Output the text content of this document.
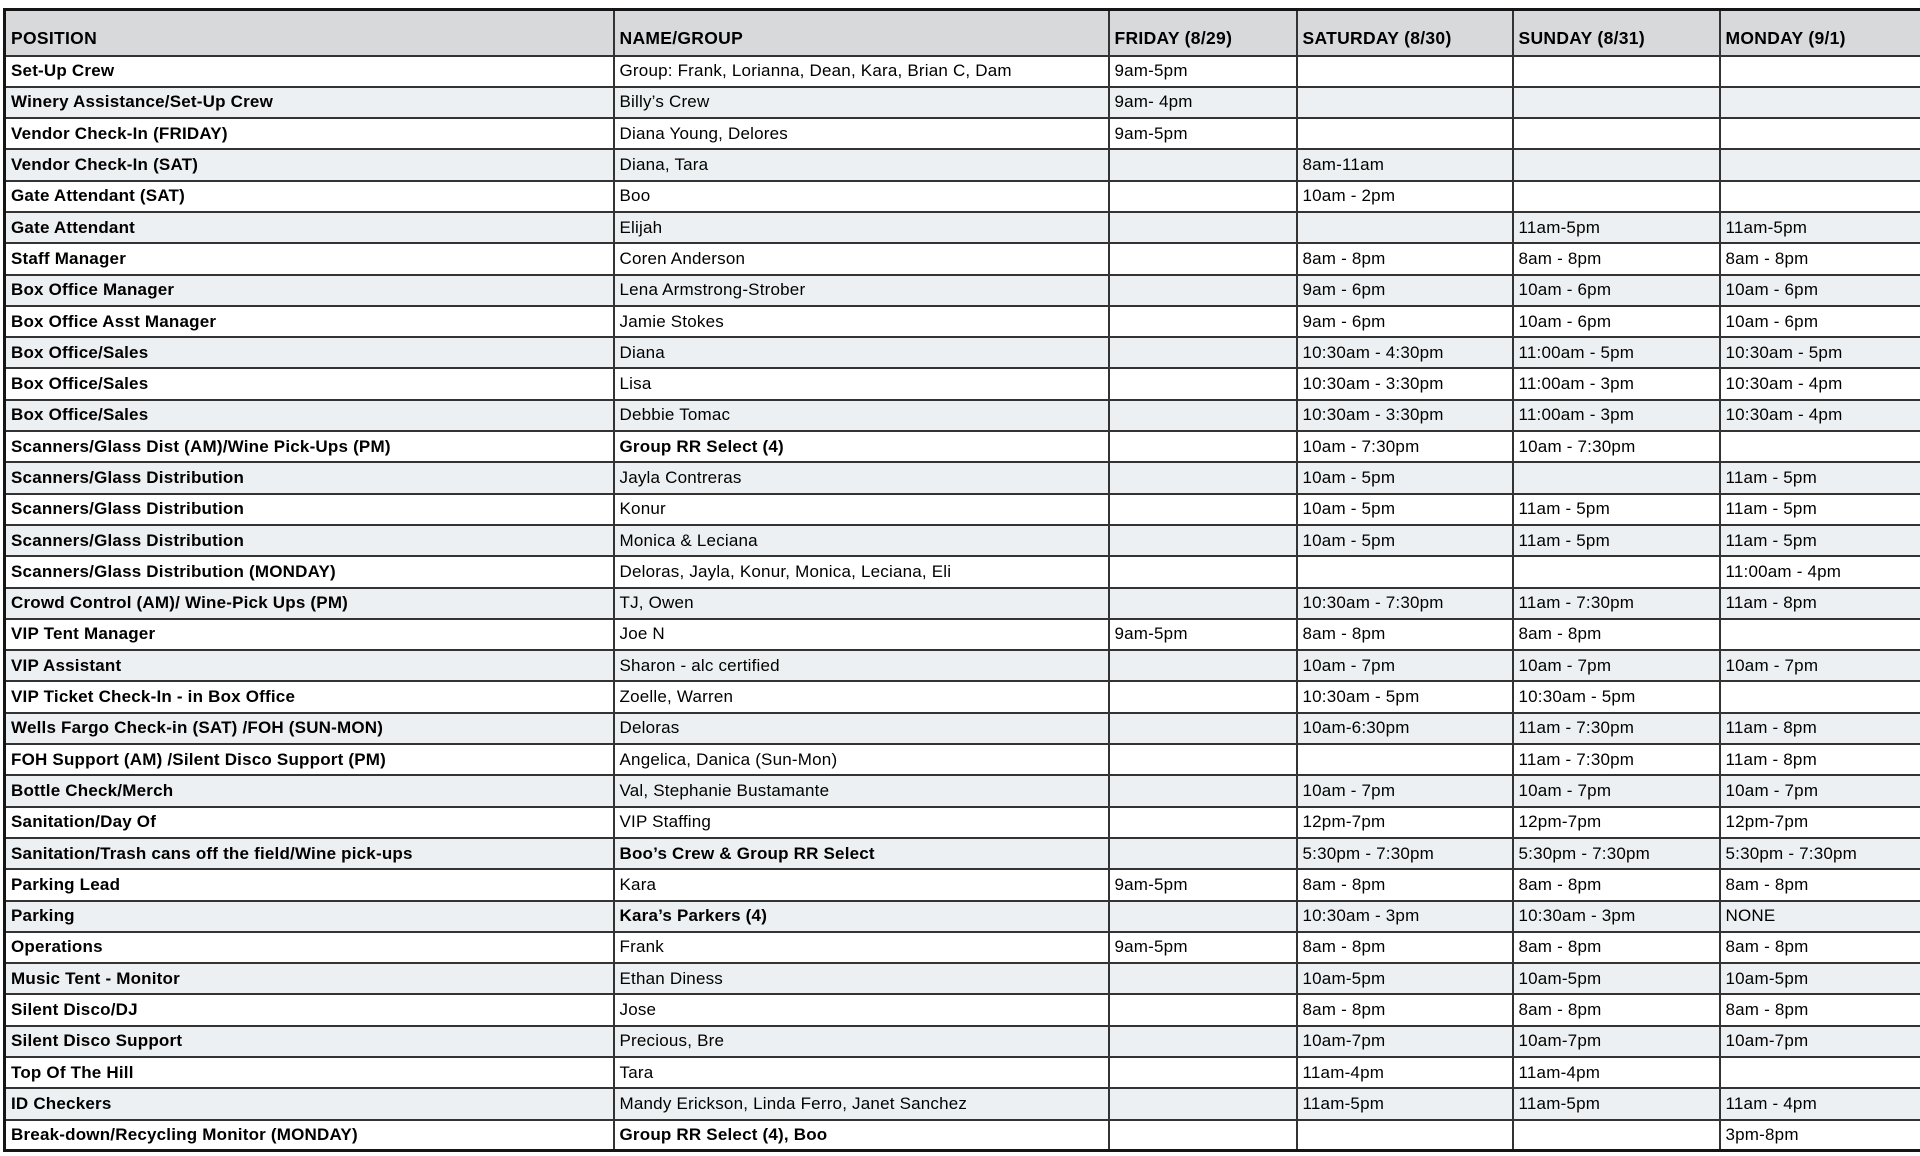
POSITION	NAME/GROUP	FRIDAY (8/29)	SATURDAY (8/30)	SUNDAY (8/31)	MONDAY (9/1)
Set-Up Crew	Group: Frank, Lorianna, Dean, Kara, Brian C, Dam	9am-5pm			
Winery Assistance/Set-Up Crew	Billy’s Crew	9am- 4pm			
Vendor Check-In (FRIDAY)	Diana Young, Delores	9am-5pm			
Vendor Check-In (SAT)	Diana, Tara		8am-11am		
Gate Attendant (SAT)	Boo		10am - 2pm		
Gate Attendant	Elijah			11am-5pm	11am-5pm
Staff Manager	Coren Anderson		8am - 8pm	8am - 8pm	8am - 8pm
Box Office Manager	Lena Armstrong-Strober		9am - 6pm	10am - 6pm	10am - 6pm
Box Office Asst Manager	Jamie Stokes		9am - 6pm	10am - 6pm	10am - 6pm
Box Office/Sales	Diana		10:30am - 4:30pm	11:00am - 5pm	10:30am - 5pm
Box Office/Sales	Lisa		10:30am - 3:30pm	11:00am - 3pm	10:30am - 4pm
Box Office/Sales	Debbie Tomac		10:30am - 3:30pm	11:00am - 3pm	10:30am - 4pm
Scanners/Glass Dist (AM)/Wine Pick-Ups (PM)	Group RR Select (4)		10am - 7:30pm	10am - 7:30pm	
Scanners/Glass Distribution	Jayla Contreras		10am - 5pm		11am - 5pm
Scanners/Glass Distribution	Konur		10am - 5pm	11am - 5pm	11am - 5pm
Scanners/Glass Distribution	Monica & Leciana		10am - 5pm	11am - 5pm	11am - 5pm
Scanners/Glass Distribution (MONDAY)	Deloras, Jayla, Konur, Monica, Leciana, Eli				11:00am - 4pm
Crowd Control (AM)/ Wine-Pick Ups (PM)	TJ, Owen		10:30am - 7:30pm	11am - 7:30pm	11am - 8pm
VIP Tent Manager	Joe N	9am-5pm	8am - 8pm	8am - 8pm	
VIP Assistant	Sharon - alc certified		10am - 7pm	10am - 7pm	10am - 7pm
VIP Ticket Check-In - in Box Office	Zoelle, Warren		10:30am - 5pm	10:30am - 5pm	
Wells Fargo Check-in (SAT) /FOH (SUN-MON)	Deloras		10am-6:30pm	11am - 7:30pm	11am - 8pm
FOH Support (AM) /Silent Disco Support (PM)	Angelica, Danica (Sun-Mon)			11am - 7:30pm	11am - 8pm
Bottle Check/Merch	Val, Stephanie Bustamante		10am - 7pm	10am - 7pm	10am - 7pm
Sanitation/Day Of	VIP Staffing		12pm-7pm	12pm-7pm	12pm-7pm
Sanitation/Trash cans off the field/Wine pick-ups	Boo’s Crew & Group RR Select		5:30pm - 7:30pm	5:30pm - 7:30pm	5:30pm - 7:30pm
Parking Lead	Kara	9am-5pm	8am - 8pm	8am - 8pm	8am - 8pm
Parking	Kara’s Parkers (4)		10:30am - 3pm	10:30am - 3pm	NONE
Operations	Frank	9am-5pm	8am - 8pm	8am - 8pm	8am - 8pm
Music Tent - Monitor	Ethan Diness		10am-5pm	10am-5pm	10am-5pm
Silent Disco/DJ	Jose		8am - 8pm	8am - 8pm	8am - 8pm
Silent Disco Support	Precious, Bre		10am-7pm	10am-7pm	10am-7pm
Top Of The Hill	Tara		11am-4pm	11am-4pm	
ID Checkers	Mandy Erickson, Linda Ferro, Janet Sanchez		11am-5pm	11am-5pm	11am - 4pm
Break-down/Recycling Monitor (MONDAY)	Group RR Select (4), Boo				3pm-8pm
